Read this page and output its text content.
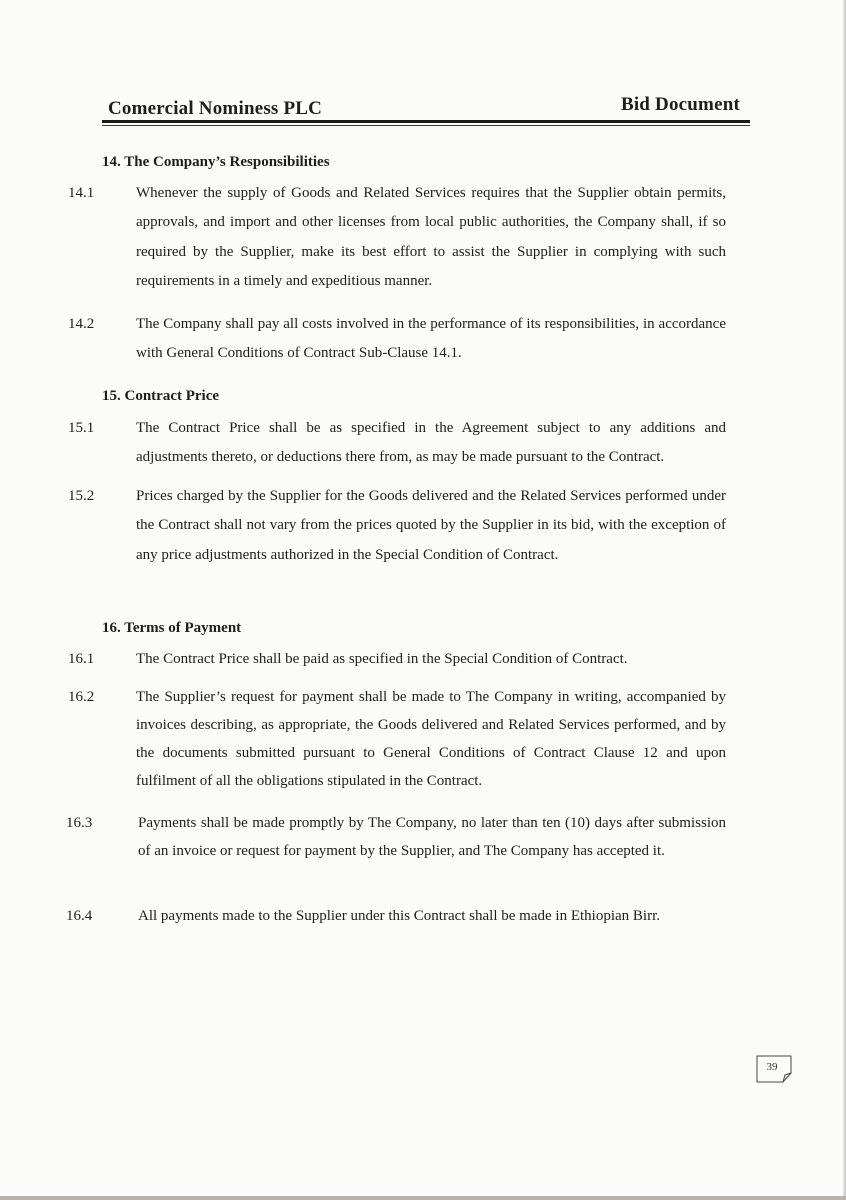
Comercial Nominess PLC	Bid Document
14. The Company’s Responsibilities
14.1	Whenever the supply of Goods and Related Services requires that the Supplier obtain permits, approvals, and import and other licenses from local public authorities, the Company shall, if so required by the Supplier, make its best effort to assist the Supplier in complying with such requirements in a timely and expeditious manner.
14.2	The Company shall pay all costs involved in the performance of its responsibilities, in accordance with General Conditions of Contract Sub-Clause 14.1.
15. Contract Price
15.1	The Contract Price shall be as specified in the Agreement subject to any additions and adjustments thereto, or deductions there from, as may be made pursuant to the Contract.
15.2	Prices charged by the Supplier for the Goods delivered and the Related Services performed under the Contract shall not vary from the prices quoted by the Supplier in its bid, with the exception of any price adjustments authorized in the Special Condition of Contract.
16. Terms of Payment
16.1	The Contract Price shall be paid as specified in the Special Condition of Contract.
16.2	The Supplier’s request for payment shall be made to The Company in writing, accompanied by invoices describing, as appropriate, the Goods delivered and Related Services performed, and by the documents submitted pursuant to General Conditions of Contract Clause 12 and upon fulfilment of all the obligations stipulated in the Contract.
16.3	Payments shall be made promptly by The Company, no later than ten (10) days after submission of an invoice or request for payment by the Supplier, and The Company has accepted it.
16.4	All payments made to the Supplier under this Contract shall be made in Ethiopian Birr.
39
